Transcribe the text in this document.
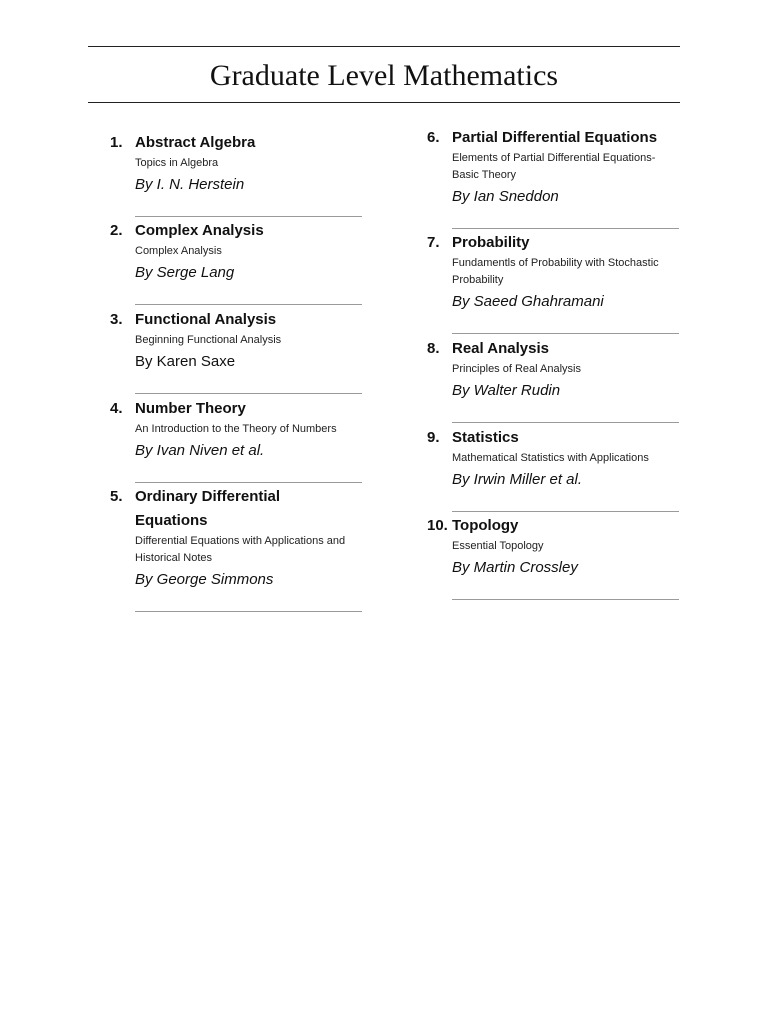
Graduate Level Mathematics
1. Abstract Algebra
Topics in Algebra
By I. N. Herstein
2. Complex Analysis
Complex Analysis
By Serge Lang
3. Functional Analysis
Beginning Functional Analysis
By Karen Saxe
4. Number Theory
An Introduction to the Theory of Numbers
By Ivan Niven et al.
5. Ordinary Differential Equations
Differential Equations with Applications and Historical Notes
By George Simmons
6. Partial Differential Equations
Elements of Partial Differential Equations-Basic Theory
By Ian Sneddon
7. Probability
Fundamentls of Probability with Stochastic Probability
By Saeed Ghahramani
8. Real Analysis
Principles of Real Analysis
By Walter Rudin
9. Statistics
Mathematical Statistics with Applications
By Irwin Miller et al.
10. Topology
Essential Topology
By Martin Crossley
